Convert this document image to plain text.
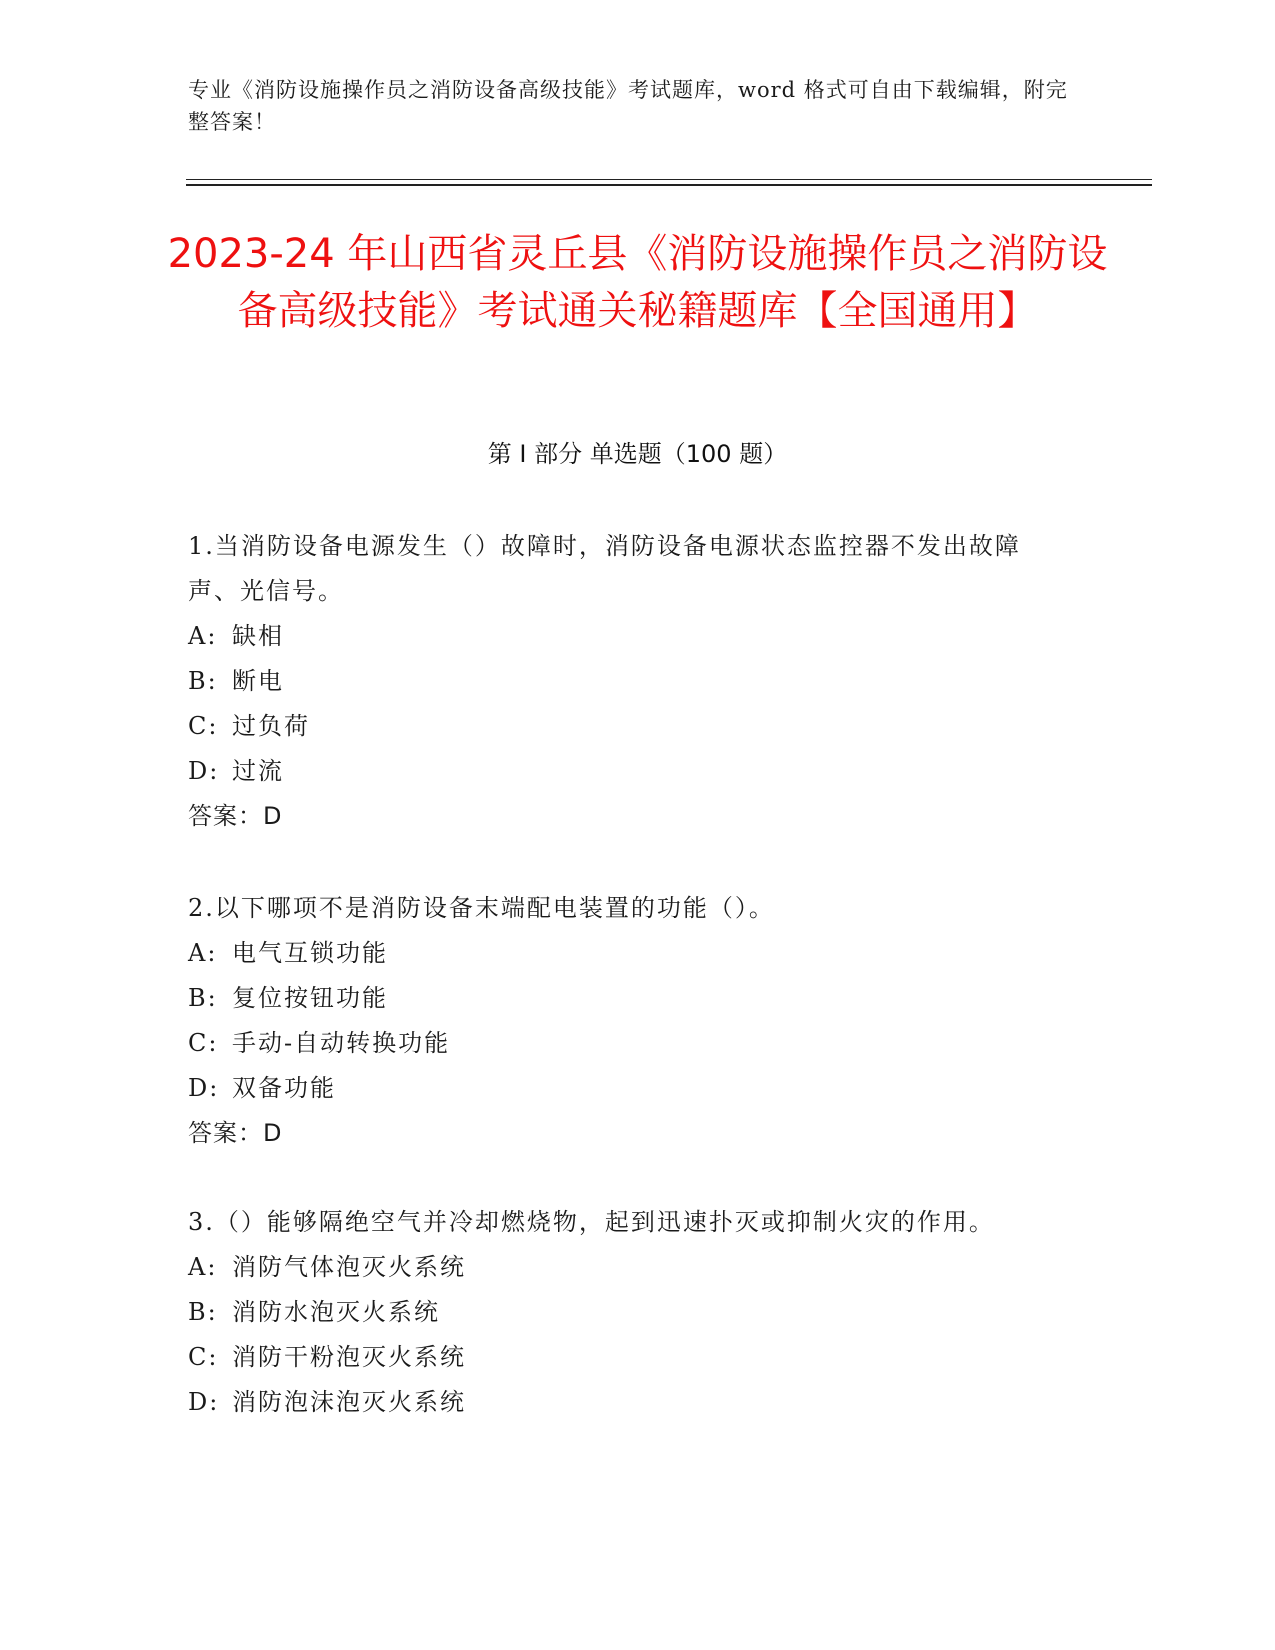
专业《消防设施操作员之消防设备高级技能》考试题库，word 格式可自由下载编辑，附完整答案！
2023-24 年山西省灵丘县《消防设施操作员之消防设备高级技能》考试通关秘籍题库【全国通用】
第 I 部分 单选题（100 题）

1.当消防设备电源发生（）故障时，消防设备电源状态监控器不发出故障声、光信号。

A: 缺相

B: 断电

C: 过负荷

D: 过流

答案：D

2.以下哪项不是消防设备末端配电装置的功能（）。

A: 电气互锁功能

B: 复位按钮功能

C: 手动-自动转换功能

D: 双备功能

答案：D

3.（）能够隔绝空气并冷却燃烧物，起到迅速扑灭或抑制火灾的作用。

A: 消防气体泡灭火系统

B: 消防水泡灭火系统

C: 消防干粉泡灭火系统

D: 消防泡沫泡灭火系统
